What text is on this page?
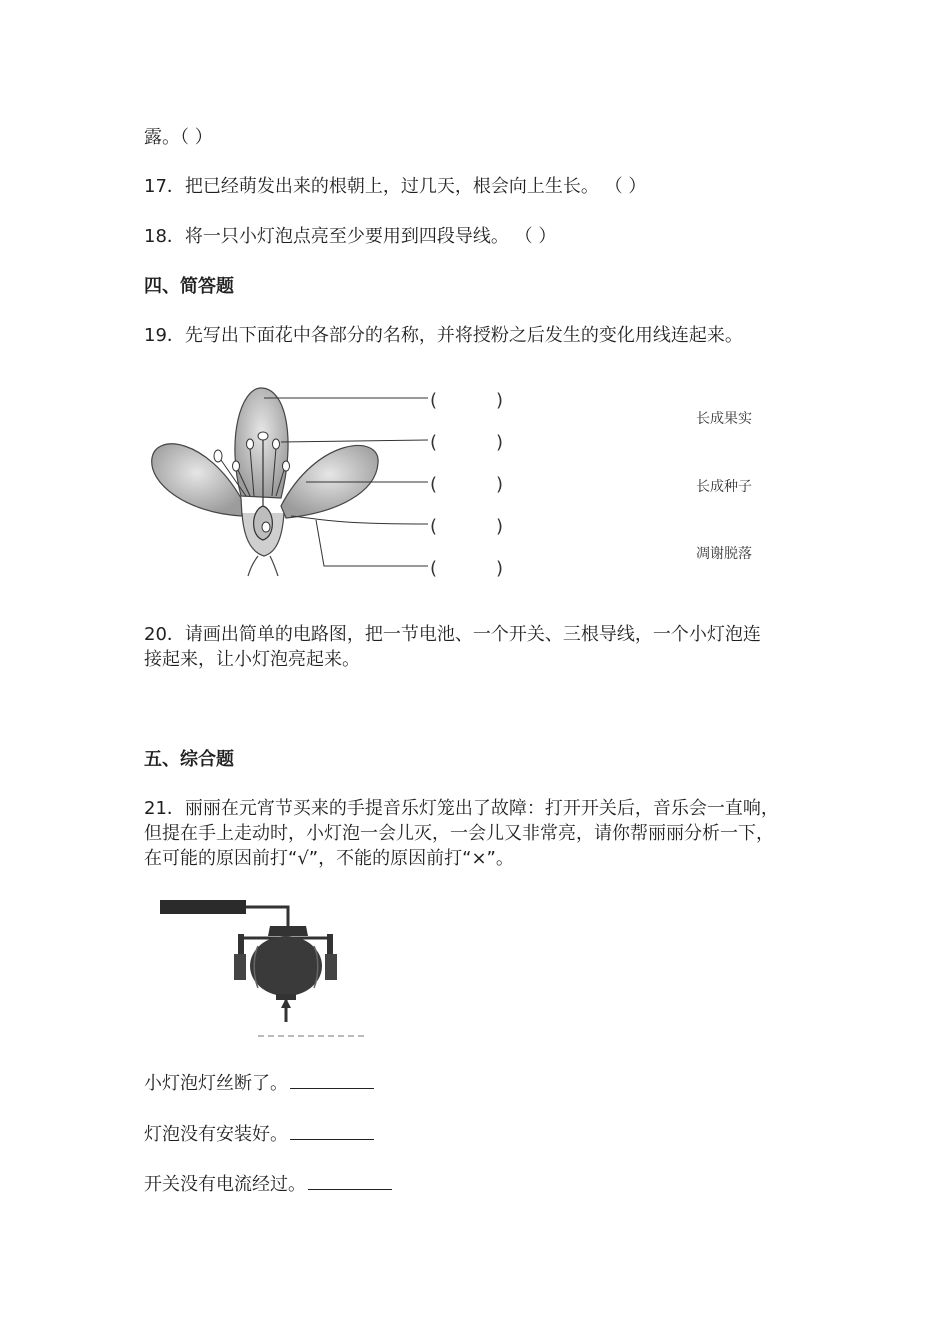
露。（ ）
17．把已经萌发出来的根朝上，过几天，根会向上生长。 （ ）
18．将一只小灯泡点亮至少要用到四段导线。 （ ）
四、简答题
19．先写出下面花中各部分的名称，并将授粉之后发生的变化用线连起来。
(	)
(	)
(	)
(	)
(	)
长成果实
长成种子
凋谢脱落
20．请画出简单的电路图，把一节电池、一个开关、三根导线，一个小灯泡连
接起来，让小灯泡亮起来。
五、综合题
21．丽丽在元宵节买来的手提音乐灯笼出了故障：打开开关后，音乐会一直响，
但提在手上走动时，小灯泡一会儿灭，一会儿又非常亮，请你帮丽丽分析一下，
在可能的原因前打“√”，不能的原因前打“×”。
小灯泡灯丝断了。
灯泡没有安装好。
开关没有电流经过。
